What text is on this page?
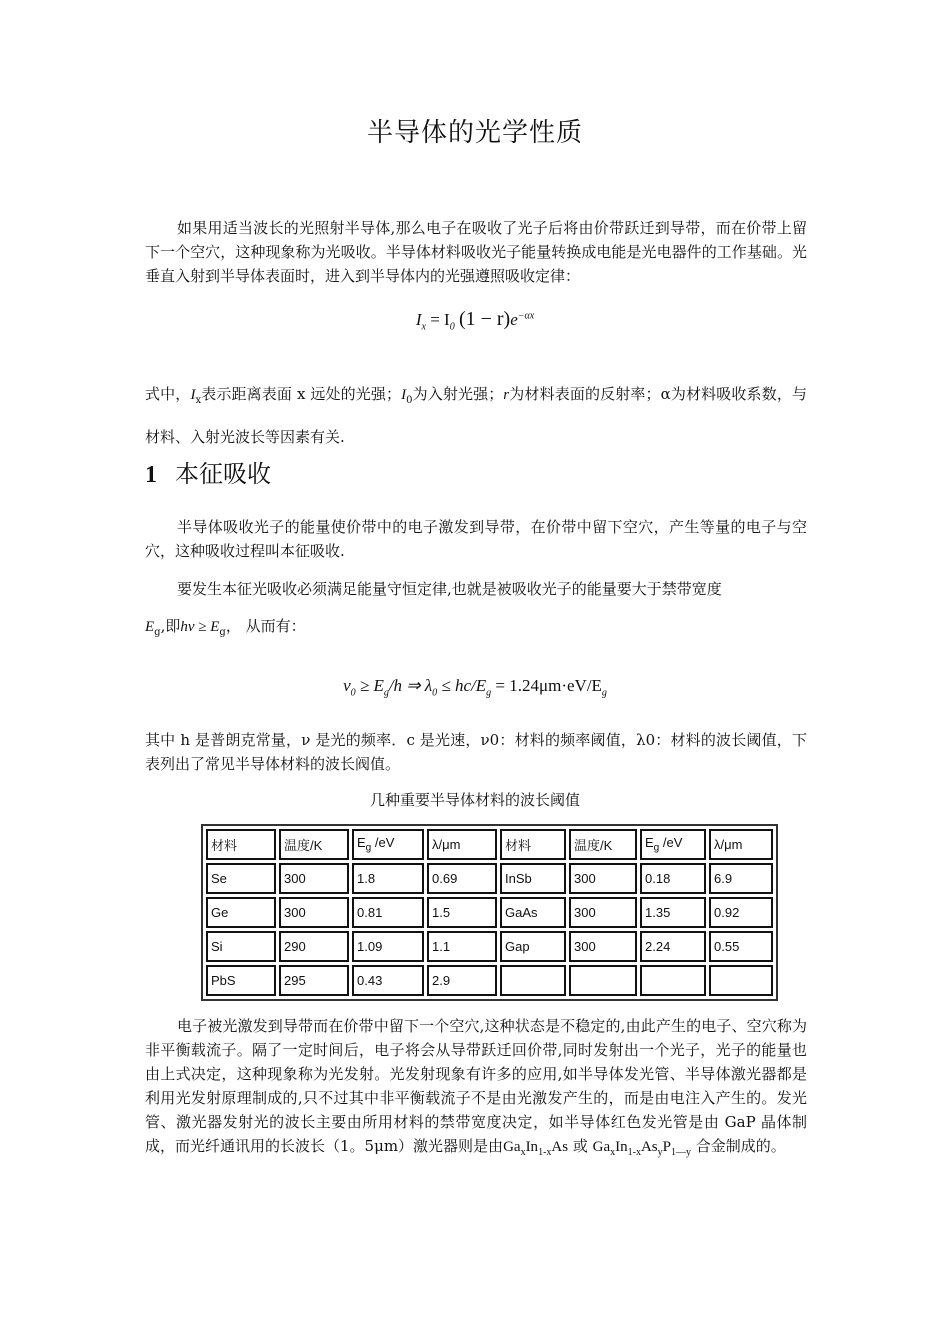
半导体的光学性质
如果用适当波长的光照射半导体,那么电子在吸收了光子后将由价带跃迁到导带，而在价带上留下一个空穴，这种现象称为光吸收。半导体材料吸收光子能量转换成电能是光电器件的工作基础。光垂直入射到半导体表面时，进入到半导体内的光强遵照吸收定律：
$I_x = I_0$ $(1 - r)e^{-\alpha x}$
式中，$I_x$表示距离表面 x 远处的光强；$I_0$为入射光强；r为材料表面的反射率；α为材料吸收系数，与材料、入射光波长等因素有关.
1 本征吸收
半导体吸收光子的能量使价带中的电子激发到导带，在价带中留下空穴，产生等量的电子与空穴，这种吸收过程叫本征吸收.
要发生本征光吸收必须满足能量守恒定律,也就是被吸收光子的能量要大于禁带宽度
$E_g$,即$h\nu \ge E_g$， 从而有：
$\nu_0 \ge E_g/h$ ⇒ $\lambda_0 \le hc/E_g = 1.24\mu m\cdot eV/E_g$
其中 h 是普朗克常量，ν 是光的频率．c 是光速，ν0：材料的频率阈值，λ0：材料的波长阈值，下表列出了常见半导体材料的波长阀值。
几种重要半导体材料的波长阈值
材料	温度/K	$E_g$ /eV	λ/μm	材料	温度/K	$E_g$ /eV	λ/μm
Se	300	1.8	0.69	InSb	300	0.18	6.9
Ge	300	0.81	1.5	GaAs	300	1.35	0.92
Si	290	1.09	1.1	Gap	300	2.24	0.55
PbS	295	0.43	2.9				
电子被光激发到导带而在价带中留下一个空穴,这种状态是不稳定的,由此产生的电子、空穴称为非平衡载流子。隔了一定时间后，电子将会从导带跃迁回价带,同时发射出一个光子，光子的能量也由上式决定，这种现象称为光发射。光发射现象有许多的应用,如半导体发光管、半导体激光器都是利用光发射原理制成的,只不过其中非平衡载流子不是由光激发产生的，而是由电注入产生的。发光管、激光器发射光的波长主要由所用材料的禁带宽度决定，如半导体红色发光管是由 GaP 晶体制成，而光纤通讯用的长波长（1。5μm）激光器则是由$Ga_xIn_{1-x}As$ 或 $Ga_xIn_{1-x}As_yP_{1—y}$ 合金制成的。
